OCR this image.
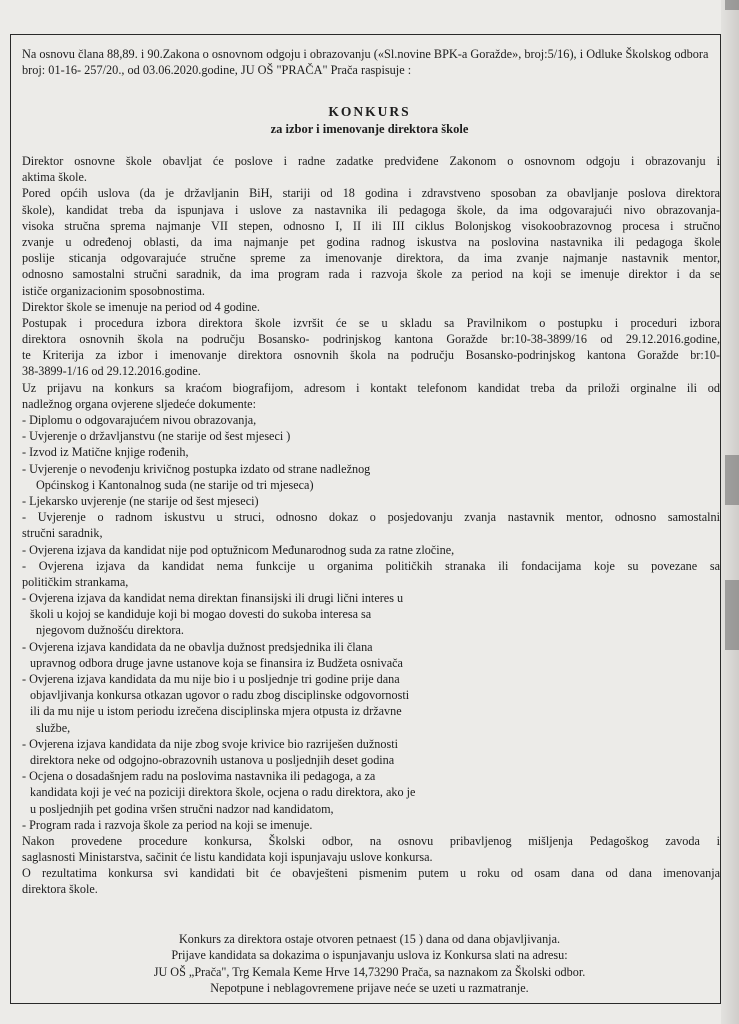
Na osnovu člana 88,89. i 90.Zakona o osnovnom odgoju i obrazovanju («Sl.novine BPK-a Goražde», broj:5/16), i Odluke Školskog odbora broj: 01-16- 257/20., od 03.06.2020.godine, JU OŠ "PRAČA" Prača raspisuje :

KONKURS

za izbor i imenovanje direktora škole

Direktor osnovne škole obavljat će poslove i radne zadatke predviđene Zakonom o osnovnom odgoju i obrazovanju i
aktima škole.
Pored općih uslova (da je državljanin BiH, stariji od 18 godina i zdravstveno sposoban za obavljanje poslova direktora
škole), kandidat treba da ispunjava i uslove za nastavnika ili pedagoga škole, da ima odgovarajući nivo obrazovanja-
visoka stručna sprema najmanje VII stepen, odnosno I, II ili III ciklus Bolonjskog visokoobrazovnog procesa i stručno
zvanje u određenoj oblasti, da ima najmanje pet godina radnog iskustva na poslovina nastavnika ili pedagoga škole
poslije sticanja odgovarajuće stručne spreme za imenovanje direktora, da ima zvanje najmanje nastavnik mentor,
odnosno samostalni stručni saradnik, da ima program rada i razvoja škole za period na koji se imenuje direktor i da se
ističe organizacionim sposobnostima.
Direktor škole se imenuje na period od 4 godine.
Postupak i procedura izbora direktora škole izvršit će se u skladu sa Pravilnikom o postupku i proceduri izbora
direktora osnovnih škola na području Bosansko- podrinjskog kantona Goražde br:10-38-3899/16 od 29.12.2016.godine,
te Kriterija za izbor i imenovanje direktora osnovnih škola na području Bosansko-podrinjskog kantona Goražde br:10-
38-3899-1/16 od 29.12.2016.godine.
Uz prijavu na konkurs sa kraćom biografijom, adresom i kontakt telefonom kandidat treba da priloži orginalne ili od
nadležnog organa ovjerene sljedeće dokumente:
- Diplomu o odgovarajućem nivou obrazovanja,
- Uvjerenje o državljanstvu (ne starije od šest mjeseci )
- Izvod iz Matične knjige rođenih,
- Uvjerenje o nevođenju krivičnog postupka izdato od strane nadležnog
Općinskog i Kantonalnog suda (ne starije od tri mjeseca)
- Ljekarsko uvjerenje (ne starije od šest mjeseci)
- Uvjerenje o radnom iskustvu u struci, odnosno dokaz o posjedovanju zvanja nastavnik mentor, odnosno samostalni
stručni saradnik,
- Ovjerena izjava da kandidat nije pod optužnicom Međunarodnog suda za ratne zločine,
- Ovjerena izjava da kandidat nema funkcije u organima političkih stranaka ili fondacijama koje su povezane sa
političkim strankama,
- Ovjerena izjava da kandidat nema direktan finansijski ili drugi lični interes u
školi u kojoj se kandiduje koji bi mogao dovesti do sukoba interesa sa
njegovom dužnošću direktora.
- Ovjerena izjava kandidata da ne obavlja dužnost predsjednika ili člana
upravnog odbora druge javne ustanove koja se finansira iz Budžeta osnivača
- Ovjerena izjava kandidata da mu nije bio i u posljednje tri godine prije dana
objavljivanja konkursa otkazan ugovor o radu zbog disciplinske odgovornosti
ili da mu nije u istom periodu izrečena disciplinska mjera otpusta iz državne
službe,
- Ovjerena izjava kandidata da nije zbog svoje krivice bio razriješen dužnosti
direktora neke od odgojno-obrazovnih ustanova u posljednjih deset godina
- Ocjena o dosadašnjem radu na poslovima nastavnika ili pedagoga, a za
kandidata koji je već na poziciji direktora škole, ocjena o radu direktora, ako je
u posljednjih pet godina vršen stručni nadzor nad kandidatom,
- Program rada i razvoja škole za period na koji se imenuje.
Nakon provedene procedure konkursa, Školski odbor, na osnovu pribavljenog mišljenja Pedagoškog zavoda i
saglasnosti Ministarstva, sačinit će listu kandidata koji ispunjavaju uslove konkursa.
O rezultatima konkursa svi kandidati bit će obavješteni pismenim putem u roku od osam dana od dana imenovanja
direktora škole.
Konkurs za direktora ostaje otvoren petnaest (15 ) dana od dana objavljivanja.
Prijave kandidata sa dokazima o ispunjavanju uslova iz Konkursa slati na adresu:
JU OŠ „Prača", Trg Kemala Keme Hrve 14,73290 Prača, sa naznakom za Školski odbor.
Nepotpune i neblagovremene prijave neće se uzeti u razmatranje.
